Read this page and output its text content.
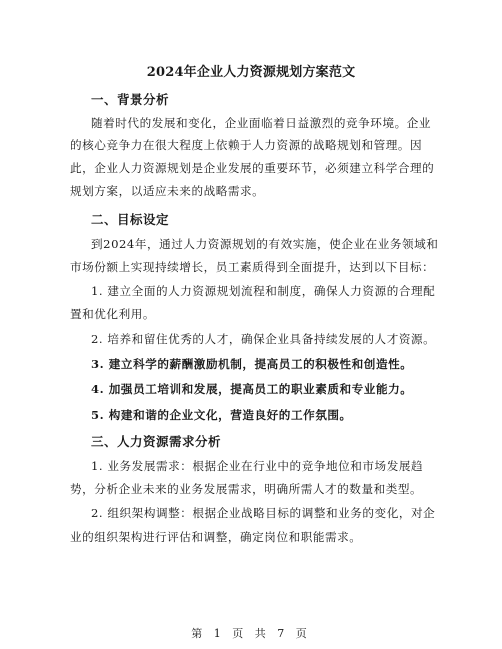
2024年企业人力资源规划方案范文
一、背景分析
随着时代的发展和变化，企业面临着日益激烈的竞争环境。企业
的核心竞争力在很大程度上依赖于人力资源的战略规划和管理。因
此，企业人力资源规划是企业发展的重要环节，必须建立科学合理的
规划方案，以适应未来的战略需求。
二、目标设定
到2024年，通过人力资源规划的有效实施，使企业在业务领域和
市场份额上实现持续增长，员工素质得到全面提升，达到以下目标：
1. 建立全面的人力资源规划流程和制度，确保人力资源的合理配
置和优化利用。
2. 培养和留住优秀的人才，确保企业具备持续发展的人才资源。
3. 建立科学的薪酬激励机制，提高员工的积极性和创造性。
4. 加强员工培训和发展，提高员工的职业素质和专业能力。
5. 构建和谐的企业文化，营造良好的工作氛围。
三、人力资源需求分析
1. 业务发展需求：根据企业在行业中的竞争地位和市场发展趋
势，分析企业未来的业务发展需求，明确所需人才的数量和类型。
2. 组织架构调整：根据企业战略目标的调整和业务的变化，对企
业的组织架构进行评估和调整，确定岗位和职能需求。
第 1 页 共 7 页
